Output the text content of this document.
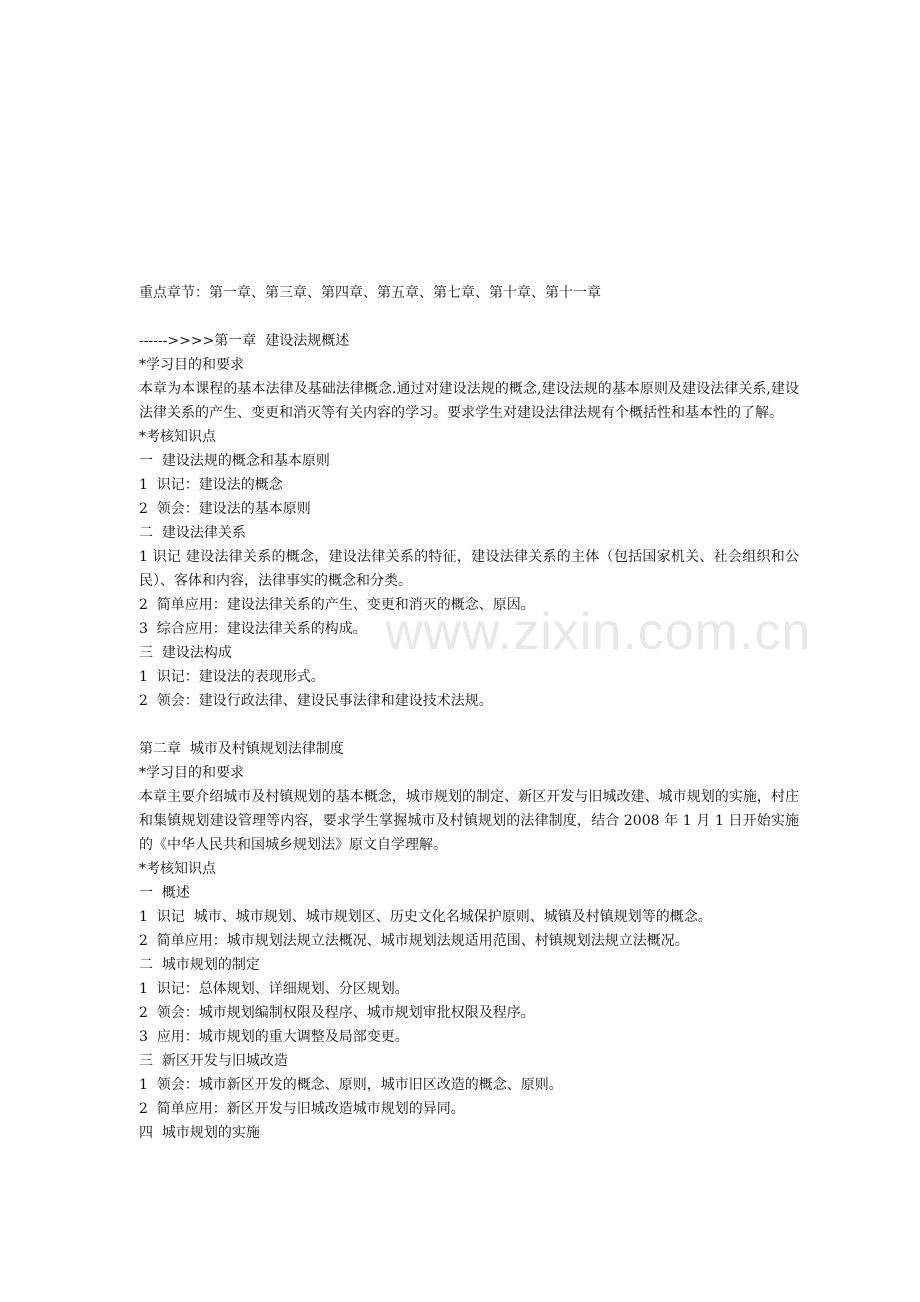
www.zixin.com.cn
重点章节：第一章、第三章、第四章、第五章、第七章、第十章、第十一章
------>>>>第一章  建设法规概述
*学习目的和要求
本章为本课程的基本法律及基础法律概念.通过对建设法规的概念,建设法规的基本原则及建设法律关系,建设法律关系的产生、变更和消灭等有关内容的学习。要求学生对建设法律法规有个概括性和基本性的了解。
*考核知识点
一  建设法规的概念和基本原则
1  识记：建设法的概念
2  领会：建设法的基本原则
二  建设法律关系
1 识记 建设法律关系的概念，建设法律关系的特征，建设法律关系的主体（包括国家机关、社会组织和公民）、客体和内容，法律事实的概念和分类。
2  简单应用：建设法律关系的产生、变更和消灭的概念、原因。
3  综合应用：建设法律关系的构成。
三  建设法构成
1  识记：建设法的表现形式。
2  领会：建设行政法律、建设民事法律和建设技术法规。
第二章  城市及村镇规划法律制度
*学习目的和要求
本章主要介绍城市及村镇规划的基本概念，城市规划的制定、新区开发与旧城改建、城市规划的实施，村庄和集镇规划建设管理等内容，要求学生掌握城市及村镇规划的法律制度，结合 2008 年 1 月 1 日开始实施的《中华人民共和国城乡规划法》原文自学理解。
*考核知识点
一  概述
1  识记  城市、城市规划、城市规划区、历史文化名城保护原则、城镇及村镇规划等的概念。
2  简单应用：城市规划法规立法概况、城市规划法规适用范围、村镇规划法规立法概况。
二  城市规划的制定
1  识记：总体规划、详细规划、分区规划。
2  领会：城市规划编制权限及程序、城市规划审批权限及程序。
3  应用：城市规划的重大调整及局部变更。
三  新区开发与旧城改造
1  领会：城市新区开发的概念、原则，城市旧区改造的概念、原则。
2  简单应用：新区开发与旧城改造城市规划的异同。
四  城市规划的实施
